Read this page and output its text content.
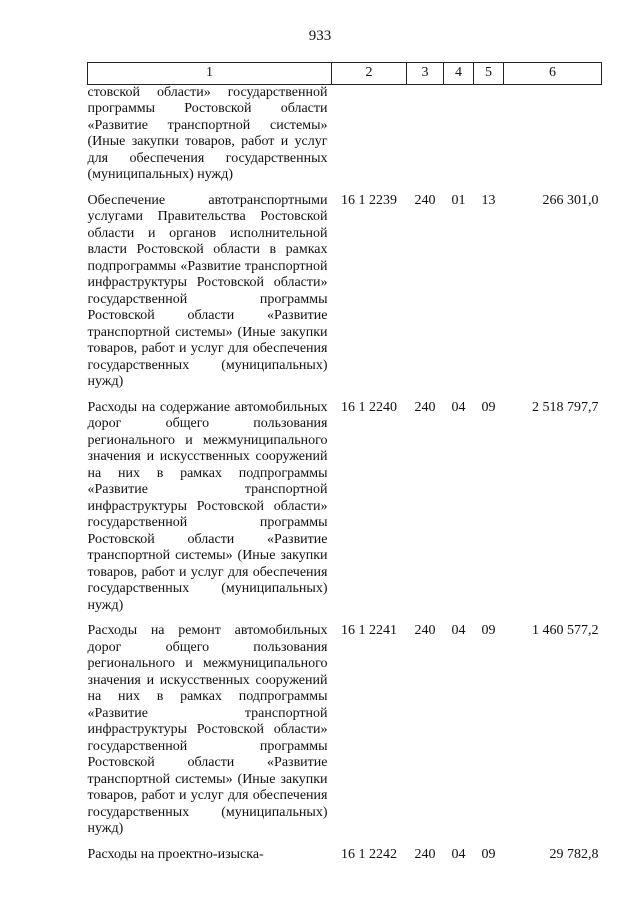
933
1	2	3	4	5	6
стовской области» государственной программы Ростовской области «Развитие транспортной системы» (Иные закупки товаров, работ и услуг для обеспечения государственных (муниципальных) нужд)					
Обеспечение автотранспортными услугами Правительства Ростовской области и органов исполнительной власти Ростовской области в рамках подпрограммы «Развитие транспортной инфраструктуры Ростовской области» государственной программы Ростовской области «Развитие транспортной системы» (Иные закупки товаров, работ и услуг для обеспечения государственных (муниципальных) нужд)	16 1 2239	240	01	13	266 301,0
Расходы на содержание автомобильных дорог общего пользования регионального и межмуниципального значения и искусственных сооружений на них в рамках подпрограммы «Развитие транспортной инфраструктуры Ростовской области» государственной программы Ростовской области «Развитие транспортной системы» (Иные закупки товаров, работ и услуг для обеспечения государственных (муниципальных) нужд)	16 1 2240	240	04	09	2 518 797,7
Расходы на ремонт автомобильных дорог общего пользования регионального и межмуниципального значения и искусственных сооружений на них в рамках подпрограммы «Развитие транспортной инфраструктуры Ростовской области» государственной программы Ростовской области «Развитие транспортной системы» (Иные закупки товаров, работ и услуг для обеспечения государственных (муниципальных) нужд)	16 1 2241	240	04	09	1 460 577,2
Расходы на проектно-изыска-	16 1 2242	240	04	09	29 782,8
